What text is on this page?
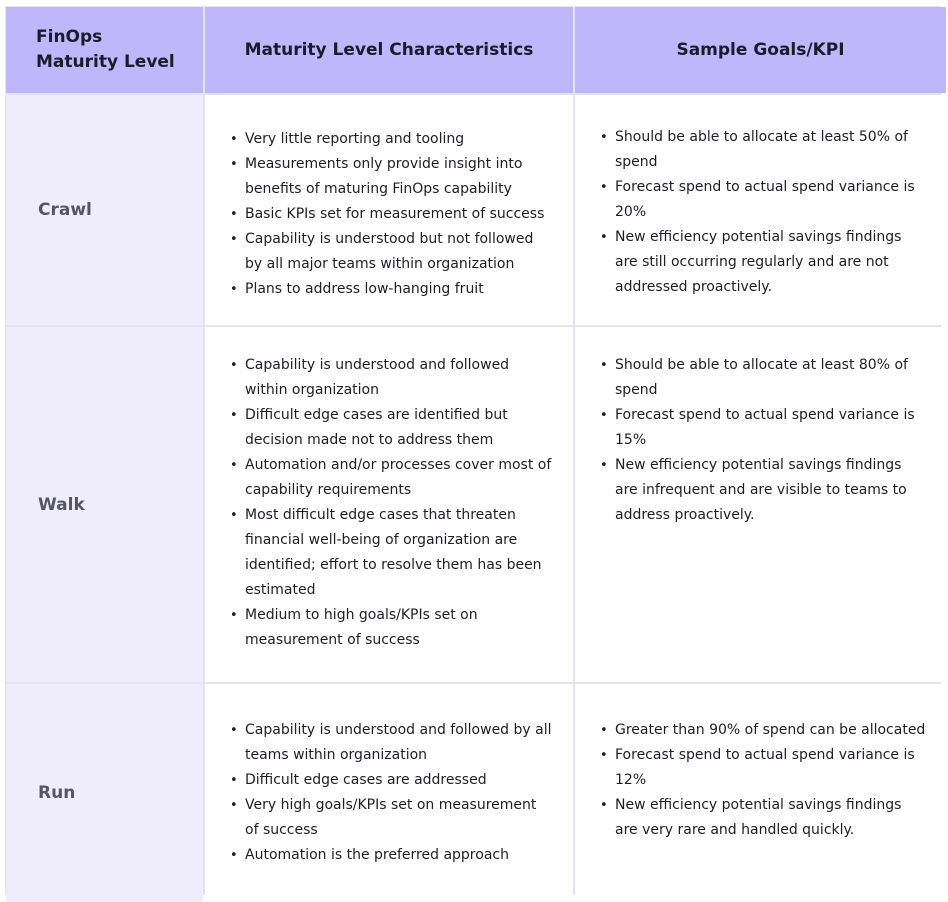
FinOps
Maturity Level
Maturity Level Characteristics	Sample Goals/KPI
Crawl
• Very little reporting and tooling
• Measurements only provide insight into benefits of maturing FinOps capability
• Basic KPIs set for measurement of success
• Capability is understood but not followed by all major teams within organization
• Plans to address low-hanging fruit
• Should be able to allocate at least 50% of spend
• Forecast spend to actual spend variance is 20%
• New efficiency potential savings findings are still occurring regularly and are not addressed proactively.
Walk
• Capability is understood and followed within organization
• Difficult edge cases are identified but decision made not to address them
• Automation and/or processes cover most of capability requirements
• Most difficult edge cases that threaten financial well-being of organization are identified; effort to resolve them has been estimated
• Medium to high goals/KPIs set on measurement of success
• Should be able to allocate at least 80% of spend
• Forecast spend to actual spend variance is 15%
• New efficiency potential savings findings are infrequent and are visible to teams to address proactively.
Run
• Capability is understood and followed by all teams within organization
• Difficult edge cases are addressed
• Very high goals/KPIs set on measurement of success
• Automation is the preferred approach
• Greater than 90% of spend can be allocated
• Forecast spend to actual spend variance is 12%
• New efficiency potential savings findings are very rare and handled quickly.
